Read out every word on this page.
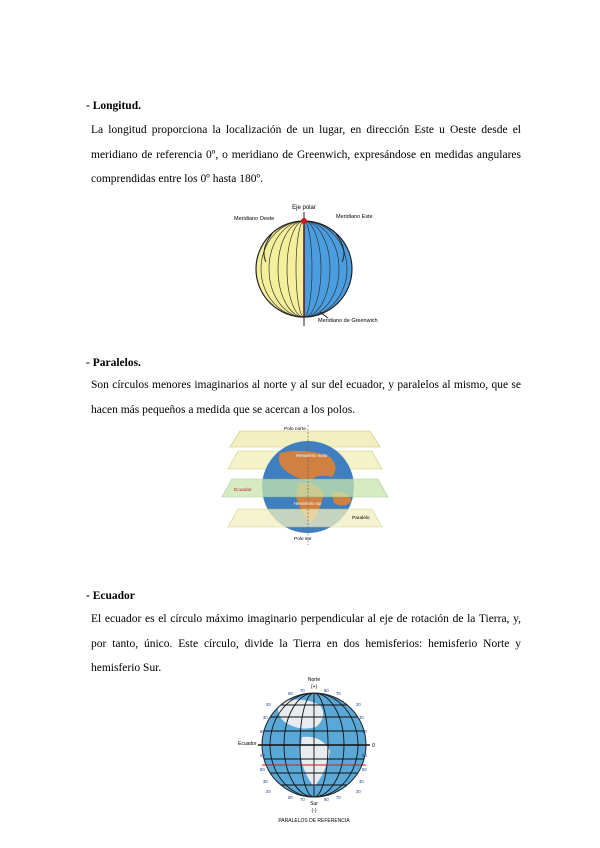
- Longitud.
La longitud proporciona la localización de un lugar, en dirección Este u Oeste desde el meridiano de referencia 0º, o meridiano de Greenwich, expresándose en medidas angulares comprendidas entre los 0º hasta 180º.
Eje polar
Meridiano Oeste	Meridiano Este
Meridiano de Greenwich
- Paralelos.
Son círculos menores imaginarios al norte y al sur del ecuador, y paralelos al mismo, que se hacen más pequeños a medida que se acercan a los polos.
Polo norte
Hemisferio norte
Ecuador
Paralelo
Hemisferio sur
Polo sur
- Ecuador
El ecuador es el círculo máximo imaginario perpendicular al eje de rotación de la Tierra, y, por tanto, único. Este círculo, divide la Tierra en dos hemisferios: hemisferio Norte y hemisferio Sur.
Norte
(+)
Ecuador	0
Sur
(-)
PARALELOS DE REFERENCIA
20
30
50
60
50
30
20
20
30
50
60
50
30
20
60
70	80
70
60 70	80 70
